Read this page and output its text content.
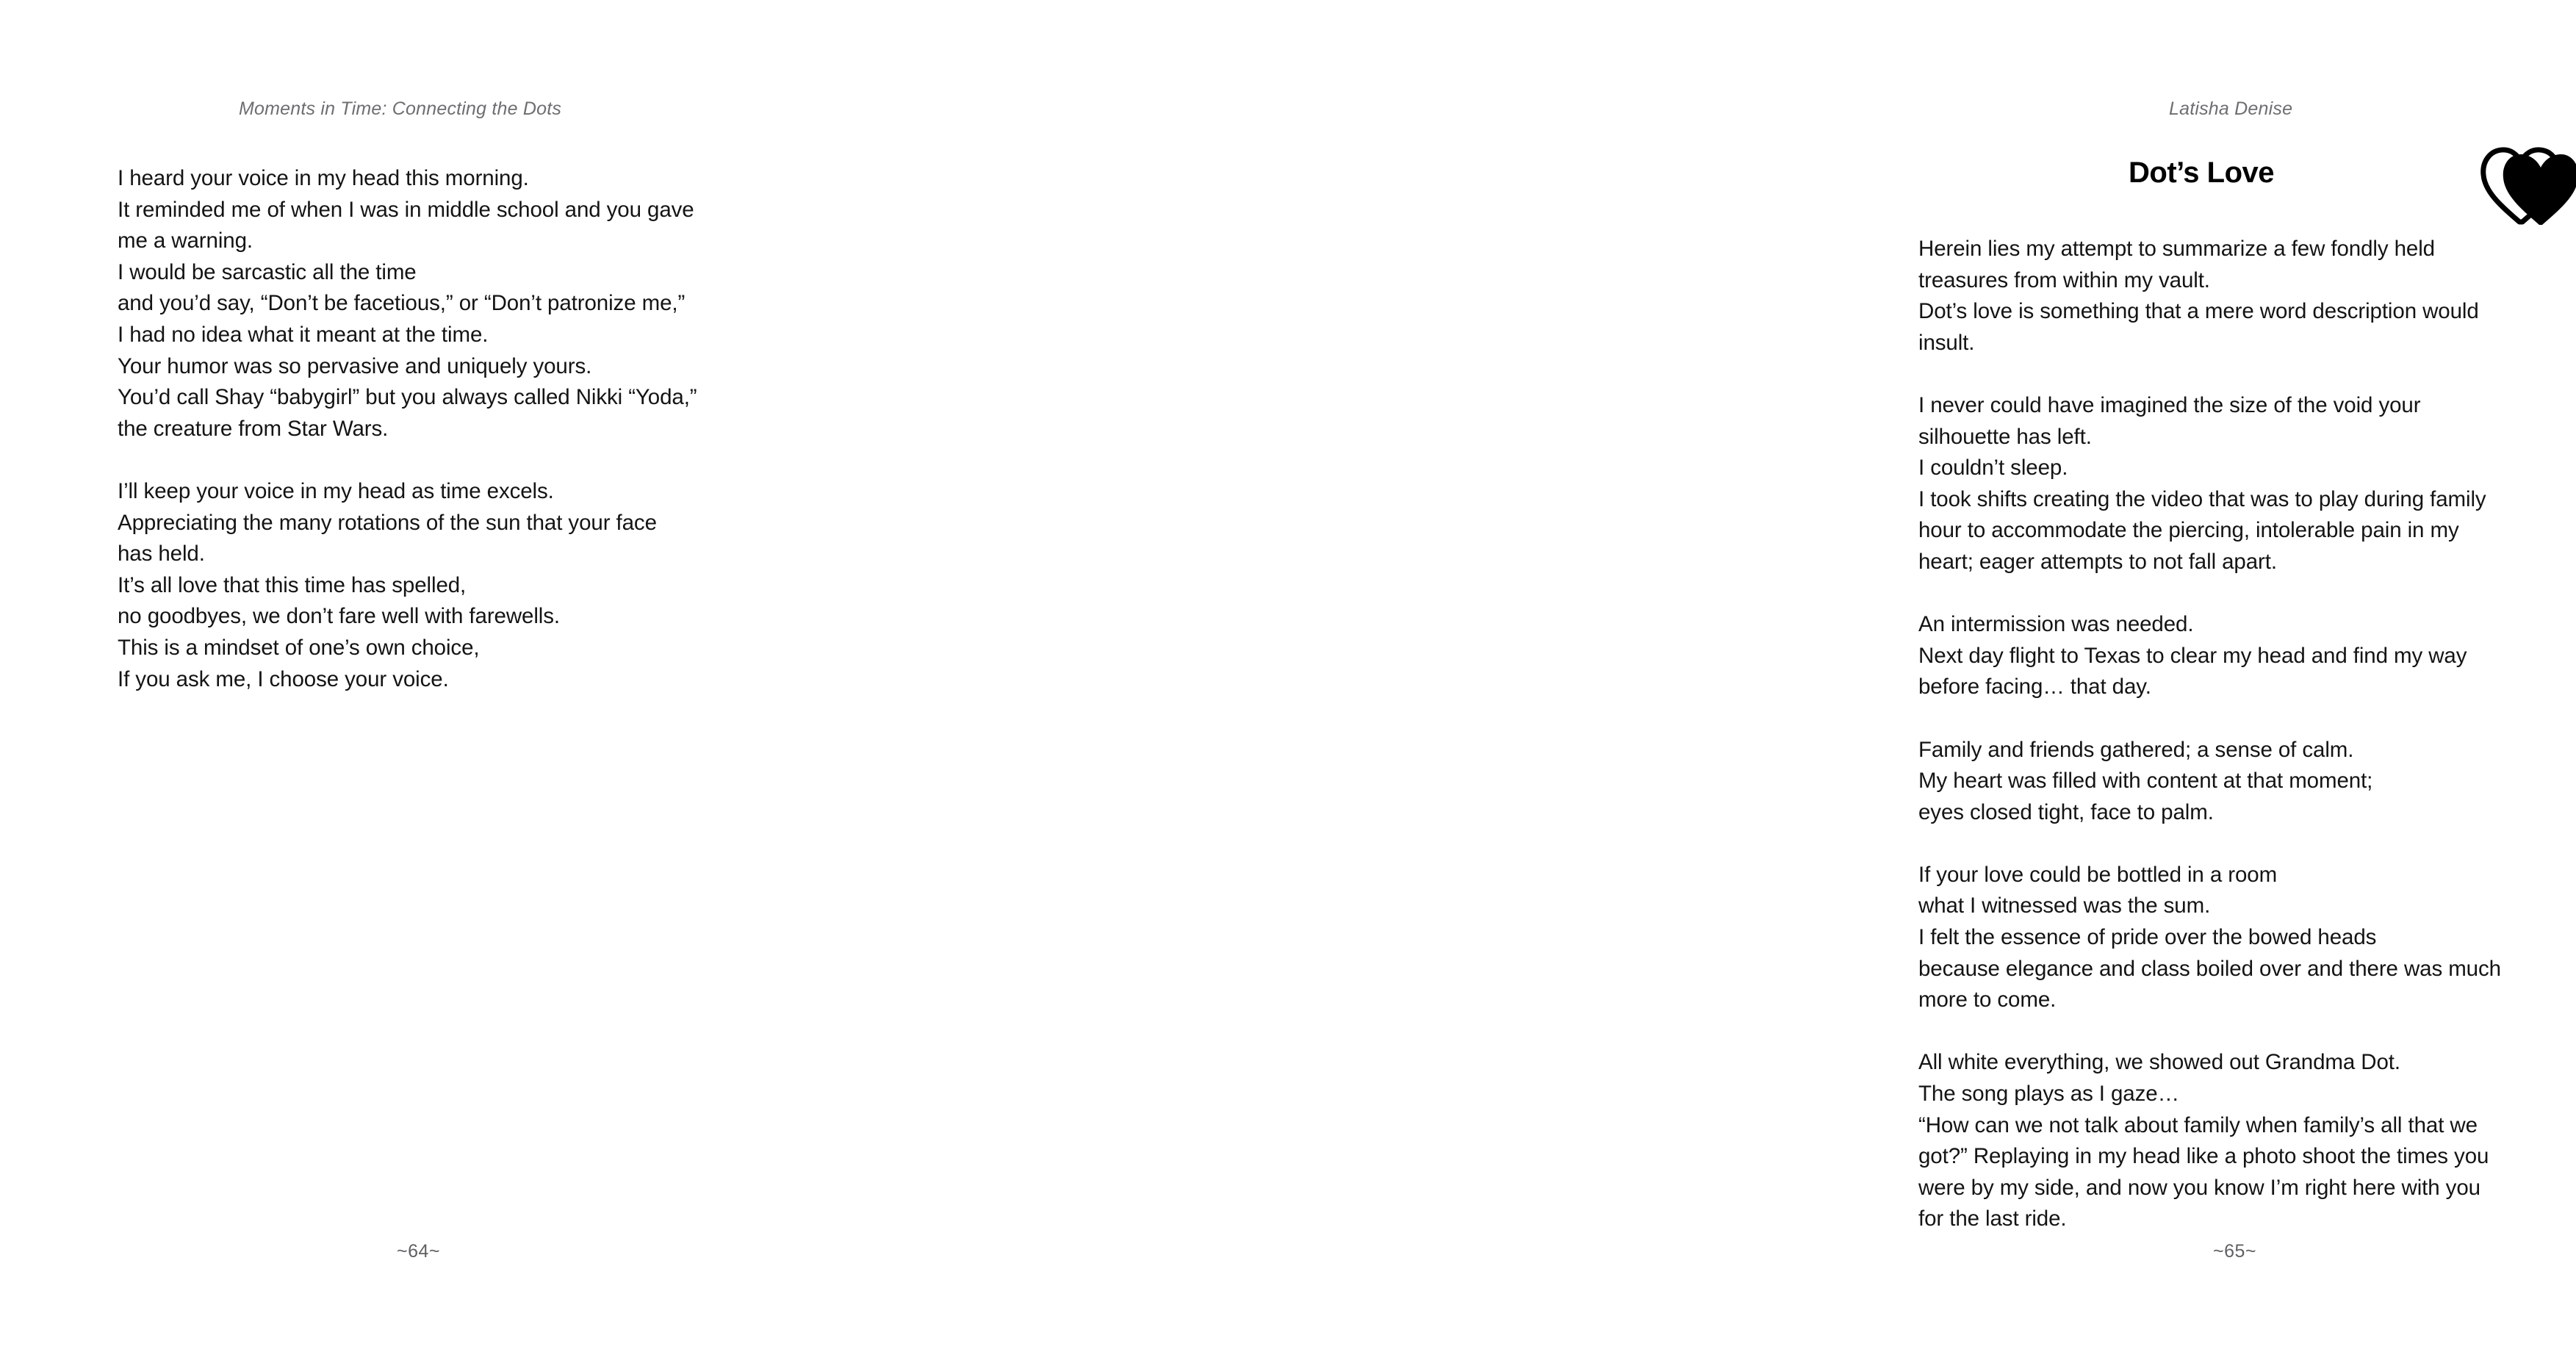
Moments in Time: Connecting the Dots

I heard your voice in my head this morning.
It reminded me of when I was in middle school and you gave
me a warning.
I would be sarcastic all the time
and you’d say, “Don’t be facetious,” or “Don’t patronize me,”
I had no idea what it meant at the time.
Your humor was so pervasive and uniquely yours.
You’d call Shay “babygirl” but you always called Nikki “Yoda,”
the creature from Star Wars.

I’ll keep your voice in my head as time excels.
Appreciating the many rotations of the sun that your face
has held.
It’s all love that this time has spelled,
no goodbyes, we don’t fare well with farewells.
This is a mindset of one’s own choice,
If you ask me, I choose your voice.

~64~
Latisha Denise
Dot’s Love

Herein lies my attempt to summarize a few fondly held
treasures from within my vault.
Dot’s love is something that a mere word description would
insult.

I never could have imagined the size of the void your
silhouette has left.
I couldn’t sleep.
I took shifts creating the video that was to play during family
hour to accommodate the piercing, intolerable pain in my
heart; eager attempts to not fall apart.

An intermission was needed.
Next day flight to Texas to clear my head and find my way
before facing… that day.

Family and friends gathered; a sense of calm.
My heart was filled with content at that moment;
eyes closed tight, face to palm.

If your love could be bottled in a room
what I witnessed was the sum.
I felt the essence of pride over the bowed heads
because elegance and class boiled over and there was much
more to come.

All white everything, we showed out Grandma Dot.
The song plays as I gaze…
“How can we not talk about family when family’s all that we
got?” Replaying in my head like a photo shoot the times you
were by my side, and now you know I’m right here with you
for the last ride.

~65~
